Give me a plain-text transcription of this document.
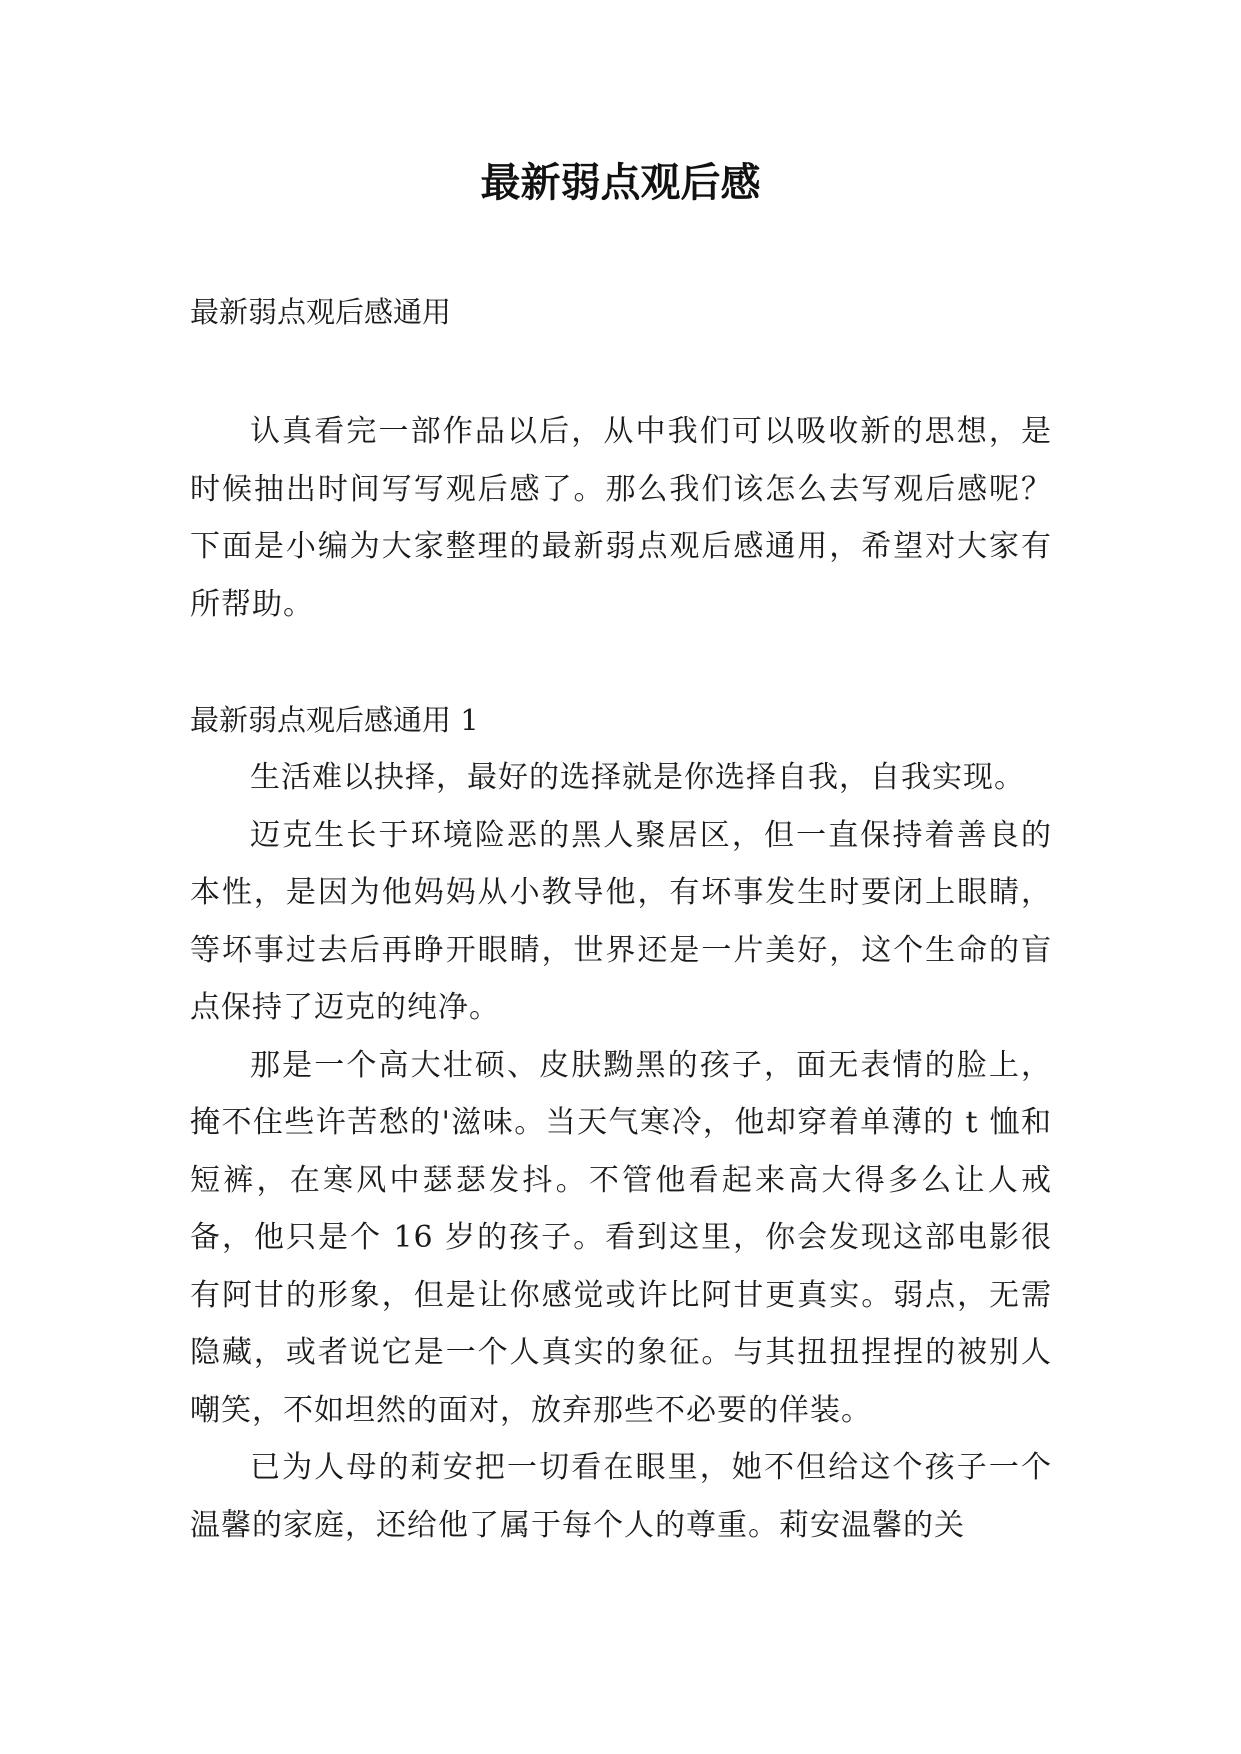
最新弱点观后感
最新弱点观后感通用

认真看完一部作品以后，从中我们可以吸收新的思想，是时候抽出时间写写观后感了。那么我们该怎么去写观后感呢？下面是小编为大家整理的最新弱点观后感通用，希望对大家有所帮助。

最新弱点观后感通用 1

生活难以抉择，最好的选择就是你选择自我，自我实现。

迈克生长于环境险恶的黑人聚居区，但一直保持着善良的本性，是因为他妈妈从小教导他，有坏事发生时要闭上眼睛，等坏事过去后再睁开眼睛，世界还是一片美好，这个生命的盲点保持了迈克的纯净。

那是一个高大壮硕、皮肤黝黑的孩子，面无表情的脸上，掩不住些许苦愁的'滋味。当天气寒冷，他却穿着单薄的 t 恤和短裤，在寒风中瑟瑟发抖。不管他看起来高大得多么让人戒备，他只是个 16 岁的孩子。看到这里，你会发现这部电影很有阿甘的形象，但是让你感觉或许比阿甘更真实。弱点，无需隐藏，或者说它是一个人真实的象征。与其扭扭捏捏的被别人嘲笑，不如坦然的面对，放弃那些不必要的佯装。

已为人母的莉安把一切看在眼里，她不但给这个孩子一个温馨的家庭，还给他了属于每个人的尊重。莉安温馨的关
